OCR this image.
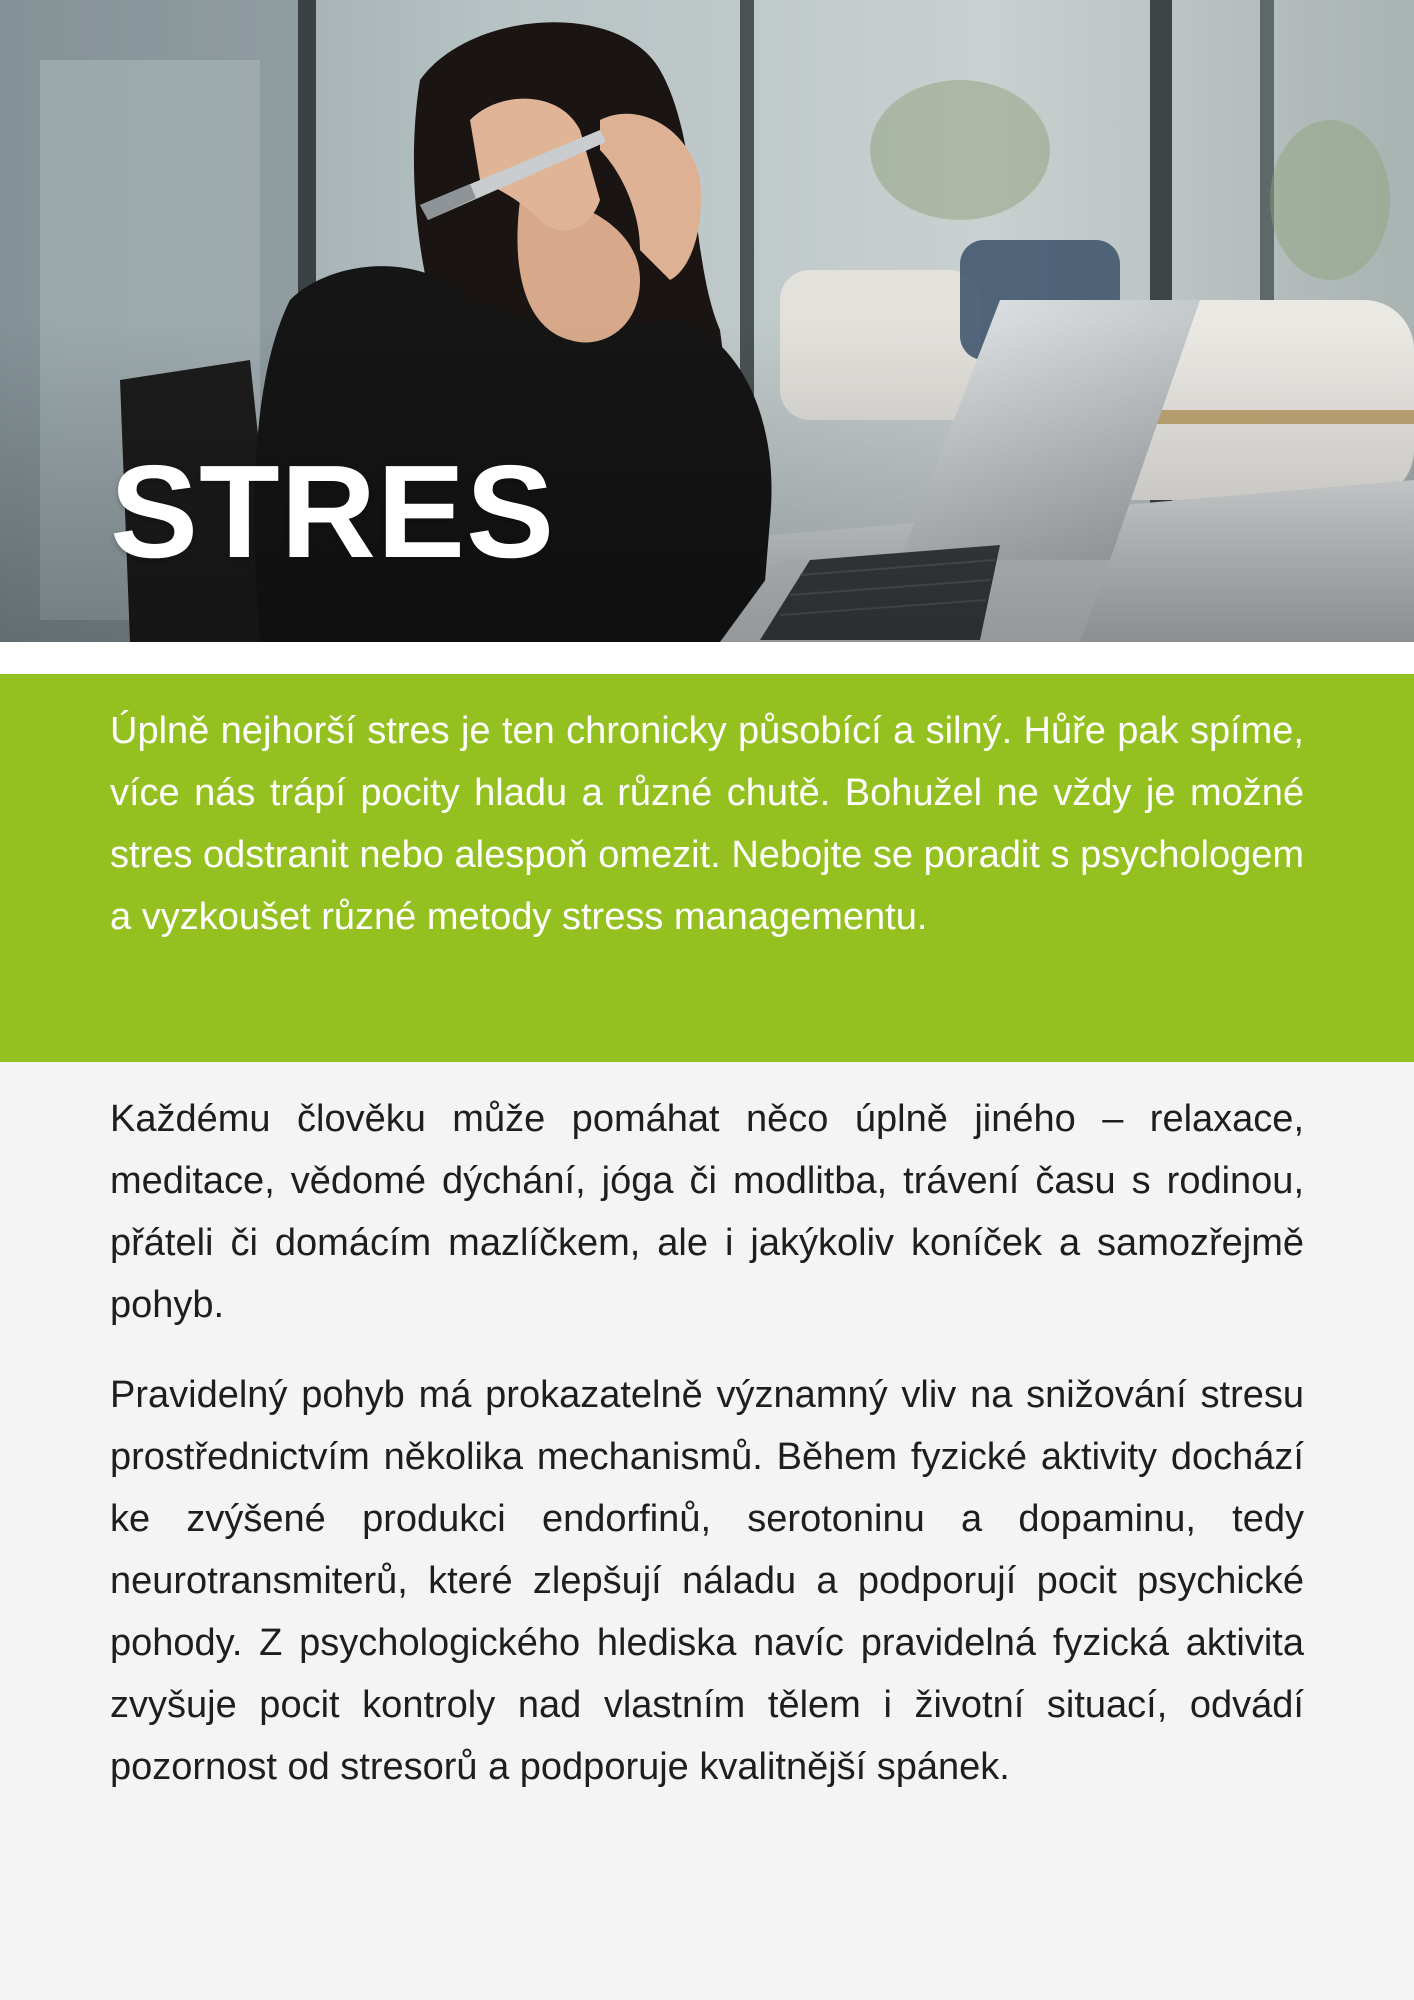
STRES

Úplně nejhorší stres je ten chronicky působící a silný. Hůře pak spíme, více nás trápí pocity hladu a různé chutě. Bohužel ne vždy je možné stres odstranit nebo alespoň omezit. Nebojte se poradit s psychologem a vyzkoušet různé metody stress managementu.

Každému člověku může pomáhat něco úplně jiného – relaxace, meditace, vědomé dýchání, jóga či modlitba, trávení času s rodinou, přáteli či domácím mazlíčkem, ale i jakýkoliv koníček a samozřejmě pohyb.

Pravidelný pohyb má prokazatelně významný vliv na snižování stresu prostřednictvím několika mechanismů. Během fyzické aktivity dochází ke zvýšené produkci endorfinů, serotoninu a dopaminu, tedy neurotransmiterů, které zlepšují náladu a podporují pocit psychické pohody. Z psychologického hlediska navíc pravidelná fyzická aktivita zvyšuje pocit kontroly nad vlastním tělem i životní situací, odvádí pozornost od stresorů a podporuje kvalitnější spánek.
